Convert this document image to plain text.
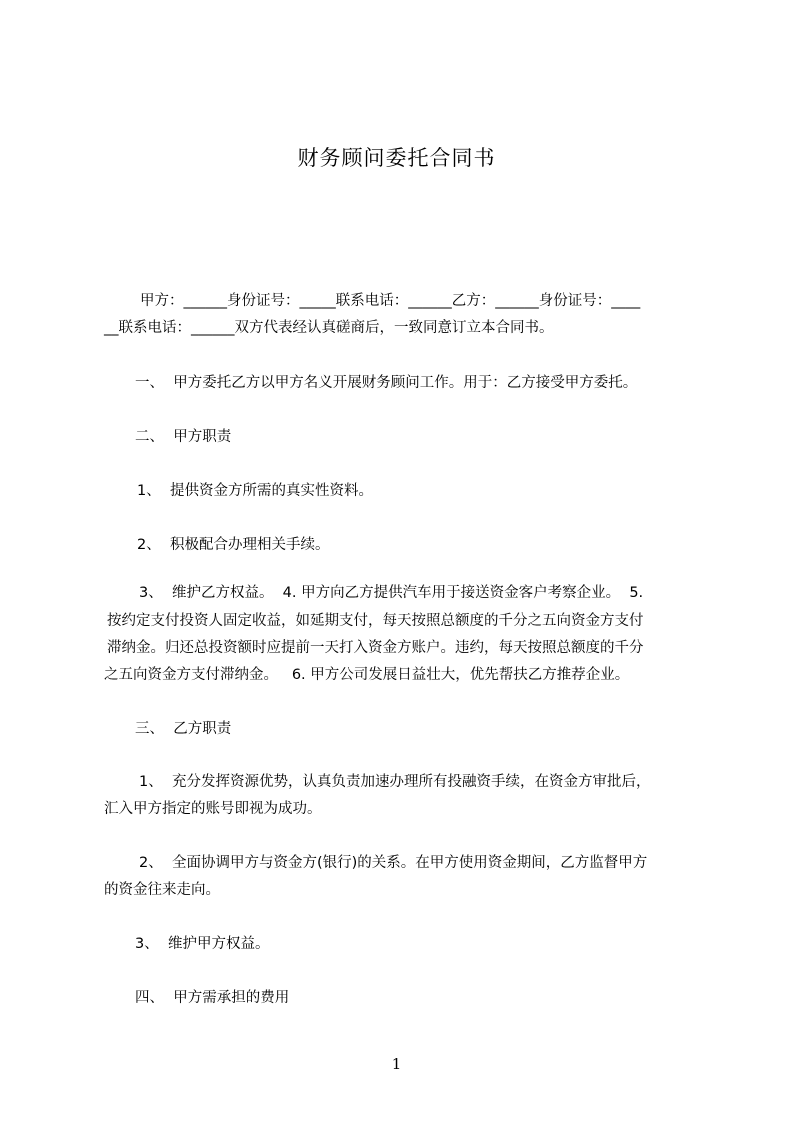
财务顾问委托合同书
甲方：______身份证号：_____联系电话：______乙方：______身份证号：____
__联系电话：______双方代表经认真磋商后，一致同意订立本合同书。
一、  甲方委托乙方以甲方名义开展财务顾问工作。用于：乙方接受甲方委托。
二、  甲方职责
1、  提供资金方所需的真实性资料。
2、  积极配合办理相关手续。
3、  维护乙方权益。  4. 甲方向乙方提供汽车用于接送资金客户考察企业。  5.
按约定支付投资人固定收益，如延期支付，每天按照总额度的千分之五向资金方支付
滞纳金。归还总投资额时应提前一天打入资金方账户。违约，每天按照总额度的千分
之五向资金方支付滞纳金。   6. 甲方公司发展日益壮大，优先帮扶乙方推荐企业。
三、  乙方职责
1、  充分发挥资源优势，认真负责加速办理所有投融资手续，在资金方审批后，
汇入甲方指定的账号即视为成功。
2、  全面协调甲方与资金方(银行)的关系。在甲方使用资金期间，乙方监督甲方
的资金往来走向。
3、  维护甲方权益。
四、  甲方需承担的费用
1
